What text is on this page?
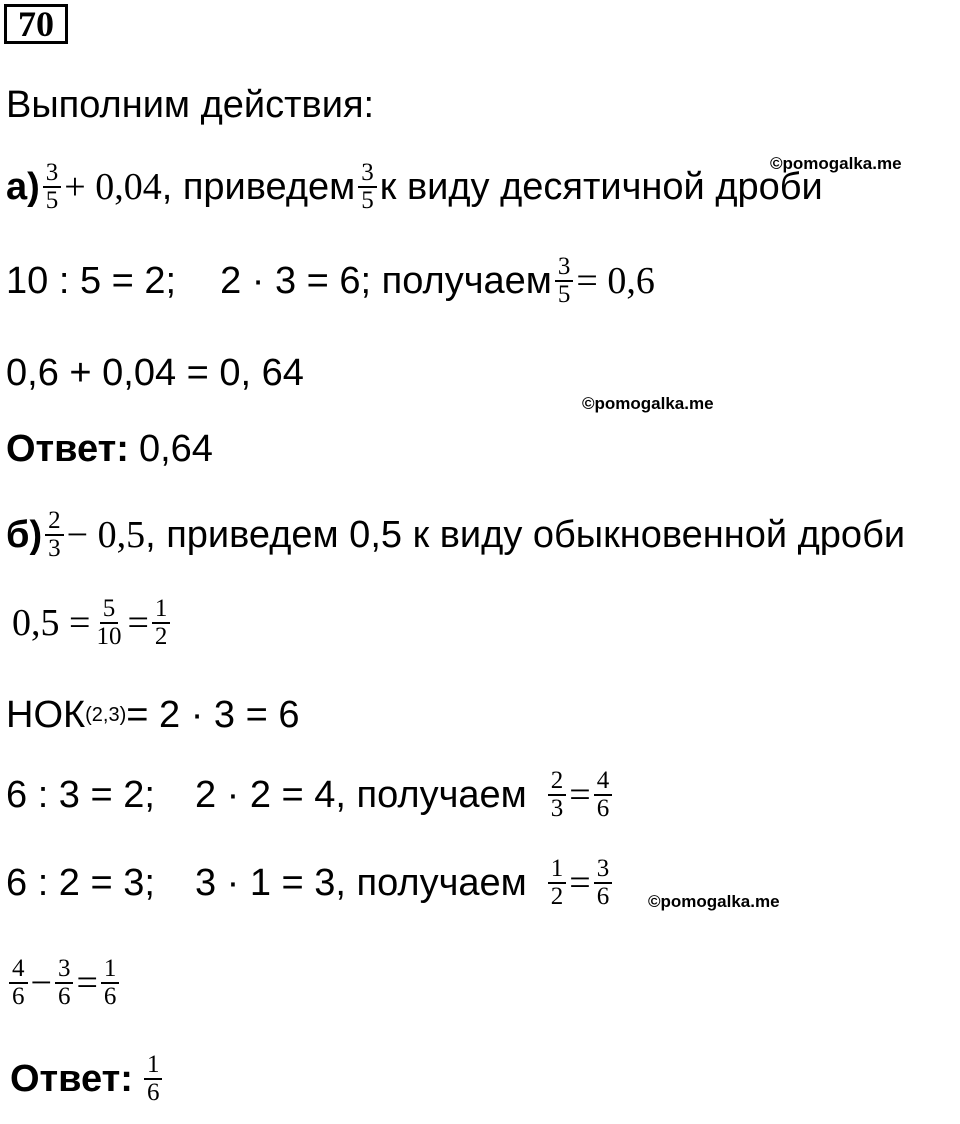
70
Выполним действия:
©pomogalka.me
$а) \frac{3}{5} + 0,04$ , приведем $\frac{3}{5}$ к виду десятичной дроби
10 : 5 = 2; 2 · 3 = 6; получаем $\frac{3}{5} = 0,6$
0,6 + 0,04 = 0, 64
©pomogalka.me
Ответ: 0,64
$б) \frac{2}{3} - 0,5$ , приведем 0,5 к виду обыкновенной дроби
$0,5 = \frac{5}{10} = \frac{1}{2}$
НОК (2,3) = 2 · 3 = 6
6 : 3 = 2; 2 · 2 = 4, получаем $\frac{2}{3} = \frac{4}{6}$
6 : 2 = 3; 3 · 1 = 3, получаем $\frac{1}{2} = \frac{3}{6}$ ©pomogalka.me
$\frac{4}{6} - \frac{3}{6} = \frac{1}{6}$
Ответ: $\frac{1}{6}$
